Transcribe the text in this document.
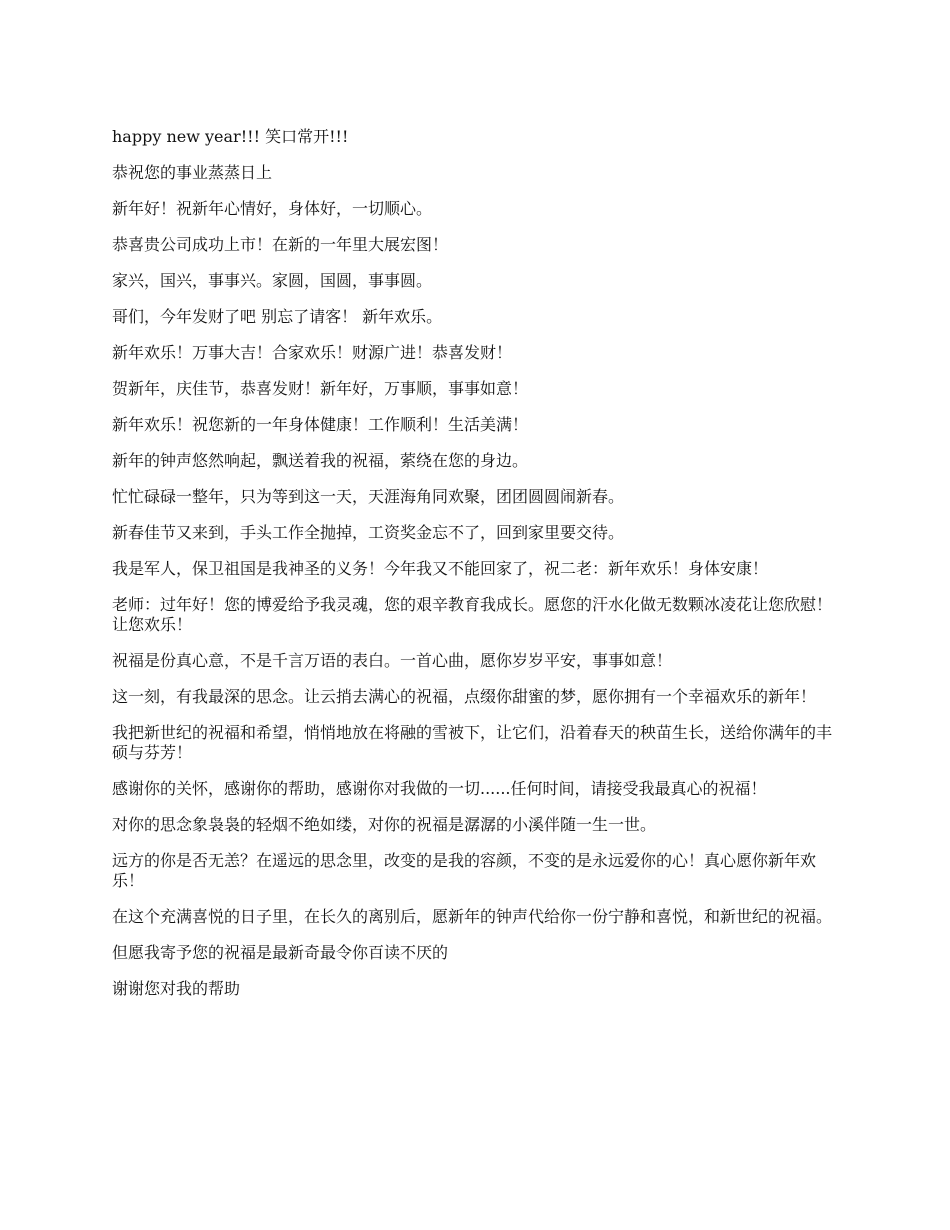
happy new year!!! 笑口常开!!!

恭祝您的事业蒸蒸日上

新年好！祝新年心情好，身体好，一切顺心。

恭喜贵公司成功上市！在新的一年里大展宏图！

家兴，国兴，事事兴。家圆，国圆，事事圆。

哥们，今年发财了吧 别忘了请客！ 新年欢乐。

新年欢乐！万事大吉！合家欢乐！财源广进！恭喜发财！

贺新年，庆佳节，恭喜发财！新年好，万事顺，事事如意！

新年欢乐！祝您新的一年身体健康！工作顺利！生活美满！

新年的钟声悠然响起，飘送着我的祝福，萦绕在您的身边。

忙忙碌碌一整年，只为等到这一天，天涯海角同欢聚，团团圆圆闹新春。

新春佳节又来到，手头工作全抛掉，工资奖金忘不了，回到家里要交待。

我是军人，保卫祖国是我神圣的义务！今年我又不能回家了，祝二老：新年欢乐！身体安康！

老师：过年好！您的博爱给予我灵魂，您的艰辛教育我成长。愿您的汗水化做无数颗冰凌花让您欣慰！让您欢乐！

祝福是份真心意，不是千言万语的表白。一首心曲，愿你岁岁平安，事事如意！

这一刻，有我最深的思念。让云捎去满心的祝福，点缀你甜蜜的梦，愿你拥有一个幸福欢乐的新年！

我把新世纪的祝福和希望，悄悄地放在将融的雪被下，让它们，沿着春天的秧苗生长，送给你满年的丰硕与芬芳！

感谢你的关怀，感谢你的帮助，感谢你对我做的一切......任何时间，请接受我最真心的祝福！

对你的思念象袅袅的轻烟不绝如缕，对你的祝福是潺潺的小溪伴随一生一世。

远方的你是否无恙？在遥远的思念里，改变的是我的容颜，不变的是永远爱你的心！真心愿你新年欢乐！

在这个充满喜悦的日子里，在长久的离别后，愿新年的钟声代给你一份宁静和喜悦，和新世纪的祝福。

但愿我寄予您的祝福是最新奇最令你百读不厌的

谢谢您对我的帮助
